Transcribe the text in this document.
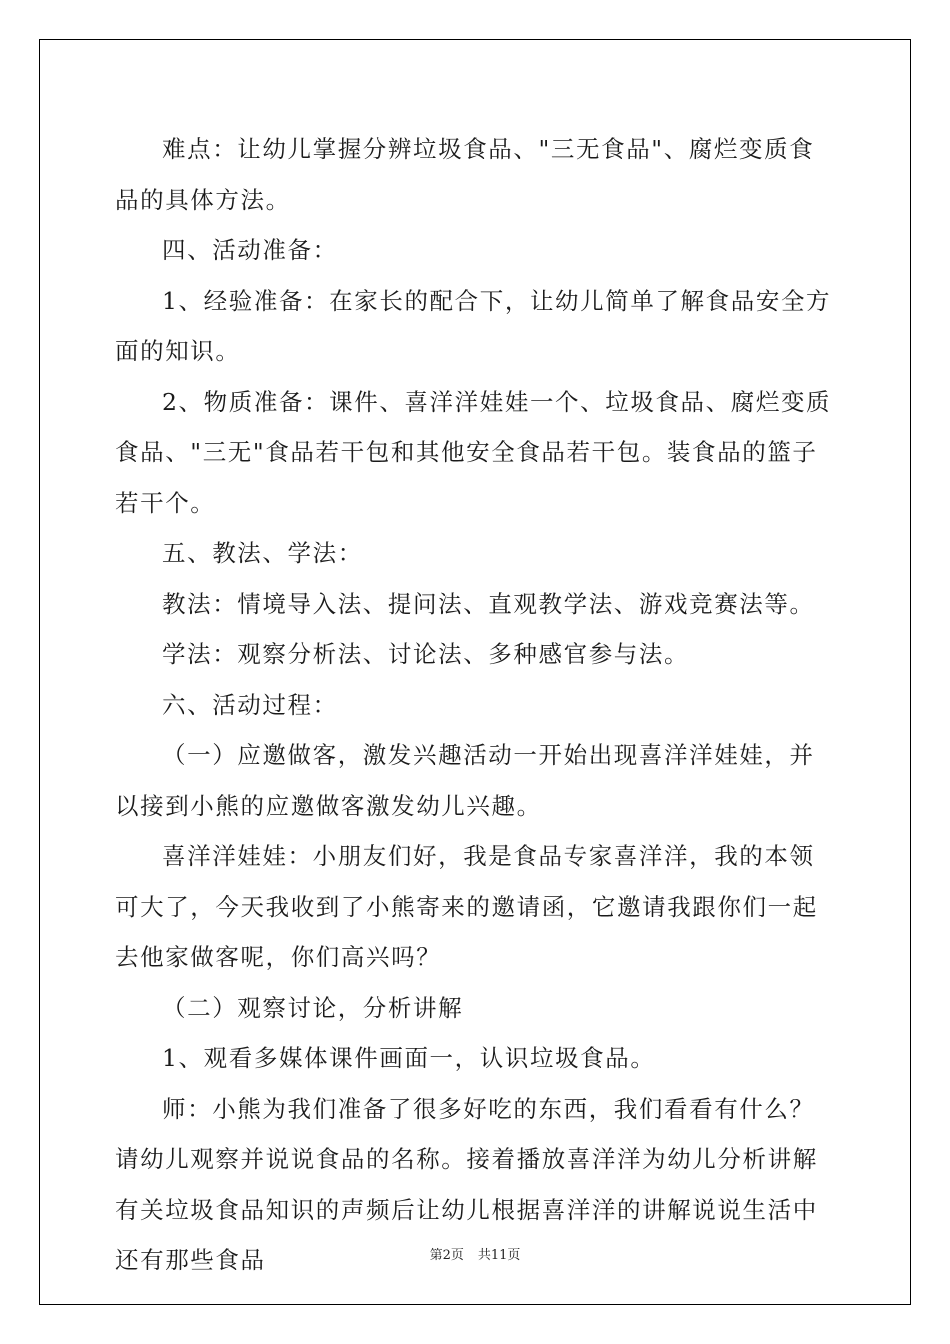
难点：让幼儿掌握分辨垃圾食品、"三无食品"、腐烂变质食品的具体方法。

四、活动准备：

1、经验准备：在家长的配合下，让幼儿简单了解食品安全方面的知识。

2、物质准备：课件、喜洋洋娃娃一个、垃圾食品、腐烂变质食品、"三无"食品若干包和其他安全食品若干包。装食品的篮子若干个。

五、教法、学法：

教法：情境导入法、提问法、直观教学法、游戏竞赛法等。

学法：观察分析法、讨论法、多种感官参与法。

六、活动过程：

（一）应邀做客，激发兴趣活动一开始出现喜洋洋娃娃，并以接到小熊的应邀做客激发幼儿兴趣。

喜洋洋娃娃：小朋友们好，我是食品专家喜洋洋，我的本领可大了，今天我收到了小熊寄来的邀请函，它邀请我跟你们一起去他家做客呢，你们高兴吗？

（二）观察讨论，分析讲解

1、观看多媒体课件画面一，认识垃圾食品。

师：小熊为我们准备了很多好吃的东西，我们看看有什么？请幼儿观察并说说食品的名称。接着播放喜洋洋为幼儿分析讲解有关垃圾食品知识的声频后让幼儿根据喜洋洋的讲解说说生活中还有那些食品	第2页 共11页
